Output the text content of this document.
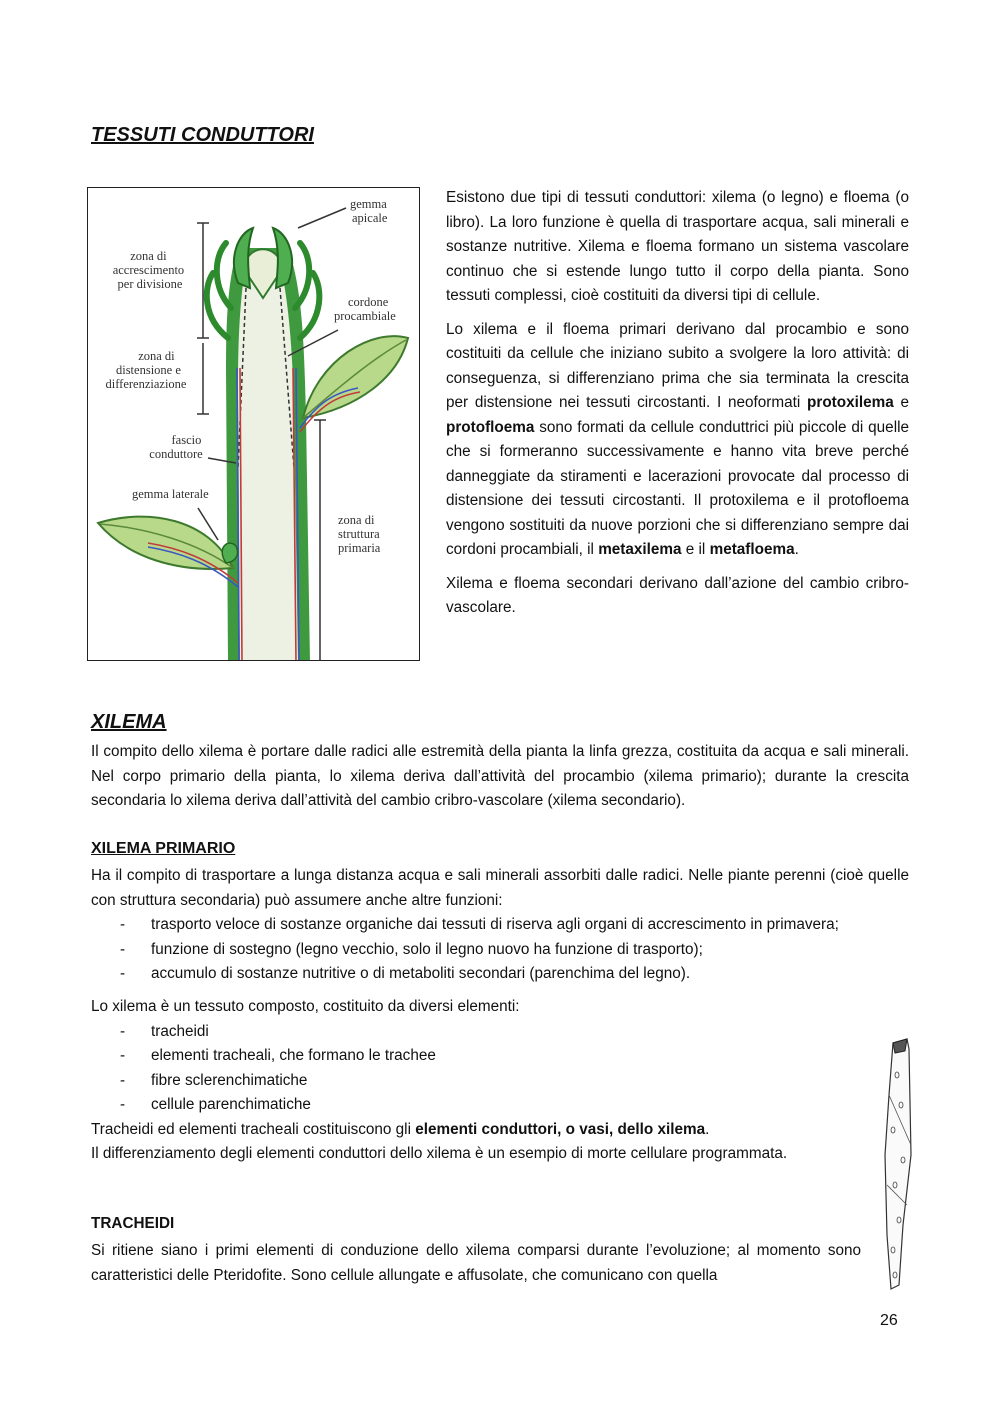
TESSUTI CONDUTTORI
gemma apicale
zona di accrescimento per divisione
cordone procambiale
zona di distensione e differenziazione
fascio conduttore
gemma laterale
zona di struttura primaria

Esistono due tipi di tessuti conduttori: xilema (o legno) e floema (o libro). La loro funzione è quella di trasportare acqua, sali minerali e sostanze nutritive. Xilema e floema formano un sistema vascolare continuo che si estende lungo tutto il corpo della pianta. Sono tessuti complessi, cioè costituiti da diversi tipi di cellule.

Lo xilema e il floema primari derivano dal procambio e sono costituiti da cellule che iniziano subito a svolgere la loro attività: di conseguenza, si differenziano prima che sia terminata la crescita per distensione nei tessuti circostanti. I neoformati protoxilema e protofloema sono formati da cellule conduttrici più piccole di quelle che si formeranno successivamente e hanno vita breve perché danneggiate da stiramenti e lacerazioni provocate dal processo di distensione dei tessuti circostanti. Il protoxilema e il protofloema vengono sostituiti da nuove porzioni che si differenziano sempre dai cordoni procambiali, il metaxilema e il metafloema.

Xilema e floema secondari derivano dall’azione del cambio cribro-vascolare.

XILEMA

Il compito dello xilema è portare dalle radici alle estremità della pianta la linfa grezza, costituita da acqua e sali minerali. Nel corpo primario della pianta, lo xilema deriva dall’attività del procambio (xilema primario); durante la crescita secondaria lo xilema deriva dall’attività del cambio cribro-vascolare (xilema secondario).

XILEMA PRIMARIO

Ha il compito di trasportare a lunga distanza acqua e sali minerali assorbiti dalle radici. Nelle piante perenni (cioè quelle con struttura secondaria) può assumere anche altre funzioni:

- trasporto veloce di sostanze organiche dai tessuti di riserva agli organi di accrescimento in primavera;
- funzione di sostegno (legno vecchio, solo il legno nuovo ha funzione di trasporto);
- accumulo di sostanze nutritive o di metaboliti secondari (parenchima del legno).

Lo xilema è un tessuto composto, costituito da diversi elementi:

- tracheidi
- elementi tracheali, che formano le trachee
- fibre sclerenchimatiche
- cellule parenchimatiche

Tracheidi ed elementi tracheali costituiscono gli elementi conduttori, o vasi, dello xilema.

Il differenziamento degli elementi conduttori dello xilema è un esempio di morte cellulare programmata.

TRACHEIDI

Si ritiene siano i primi elementi di conduzione dello xilema comparsi durante l’evoluzione; al momento sono caratteristici delle Pteridofite. Sono cellule allungate e affusolate, che comunicano con quella

26
